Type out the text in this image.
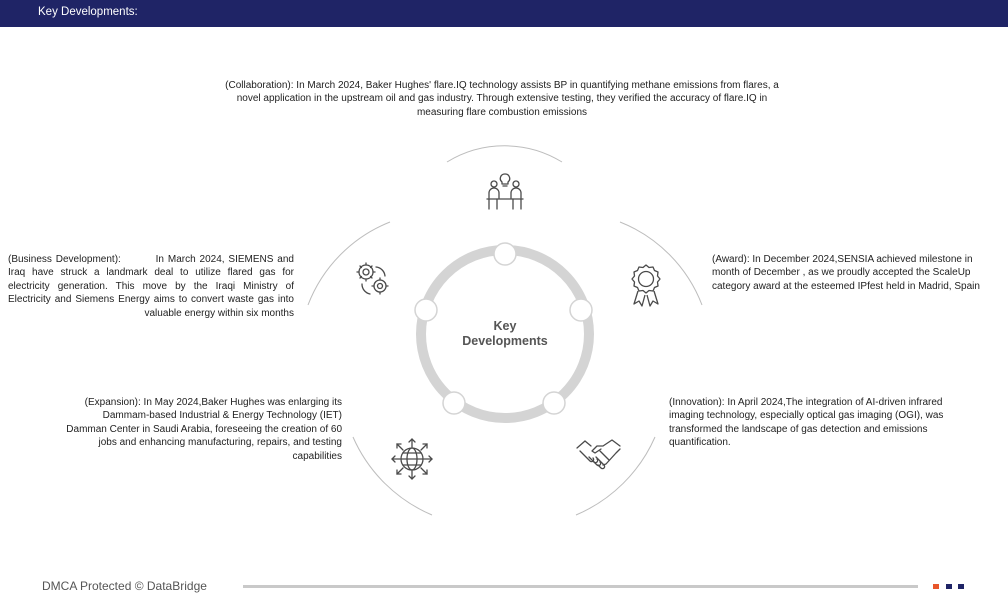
Key Developments:
Key
Developments
(Collaboration): In March 2024, Baker Hughes' flare.IQ technology assists BP in quantifying methane emissions from flares, a novel application in the upstream oil and gas industry. Through extensive testing, they verified the accuracy of flare.IQ in measuring flare combustion emissions
(Business Development):         In March 2024, SIEMENS and Iraq have struck a landmark deal to utilize flared gas for electricity generation. This move by the Iraqi Ministry of Electricity and Siemens Energy aims to convert waste gas into valuable energy within six months
(Award): In December 2024,SENSIA achieved milestone in month of December , as we proudly accepted the ScaleUp category award at the esteemed IPfest held in Madrid, Spain
(Expansion): In May 2024,Baker Hughes was enlarging its Dammam-based Industrial & Energy Technology (IET) Damman Center in Saudi Arabia, foreseeing the creation of 60 jobs and enhancing manufacturing, repairs, and testing capabilities
(Innovation): In April 2024,The integration of AI-driven infrared imaging technology, especially optical gas imaging (OGI), was transformed the landscape of gas detection and emissions quantification.
DMCA Protected © DataBridge
